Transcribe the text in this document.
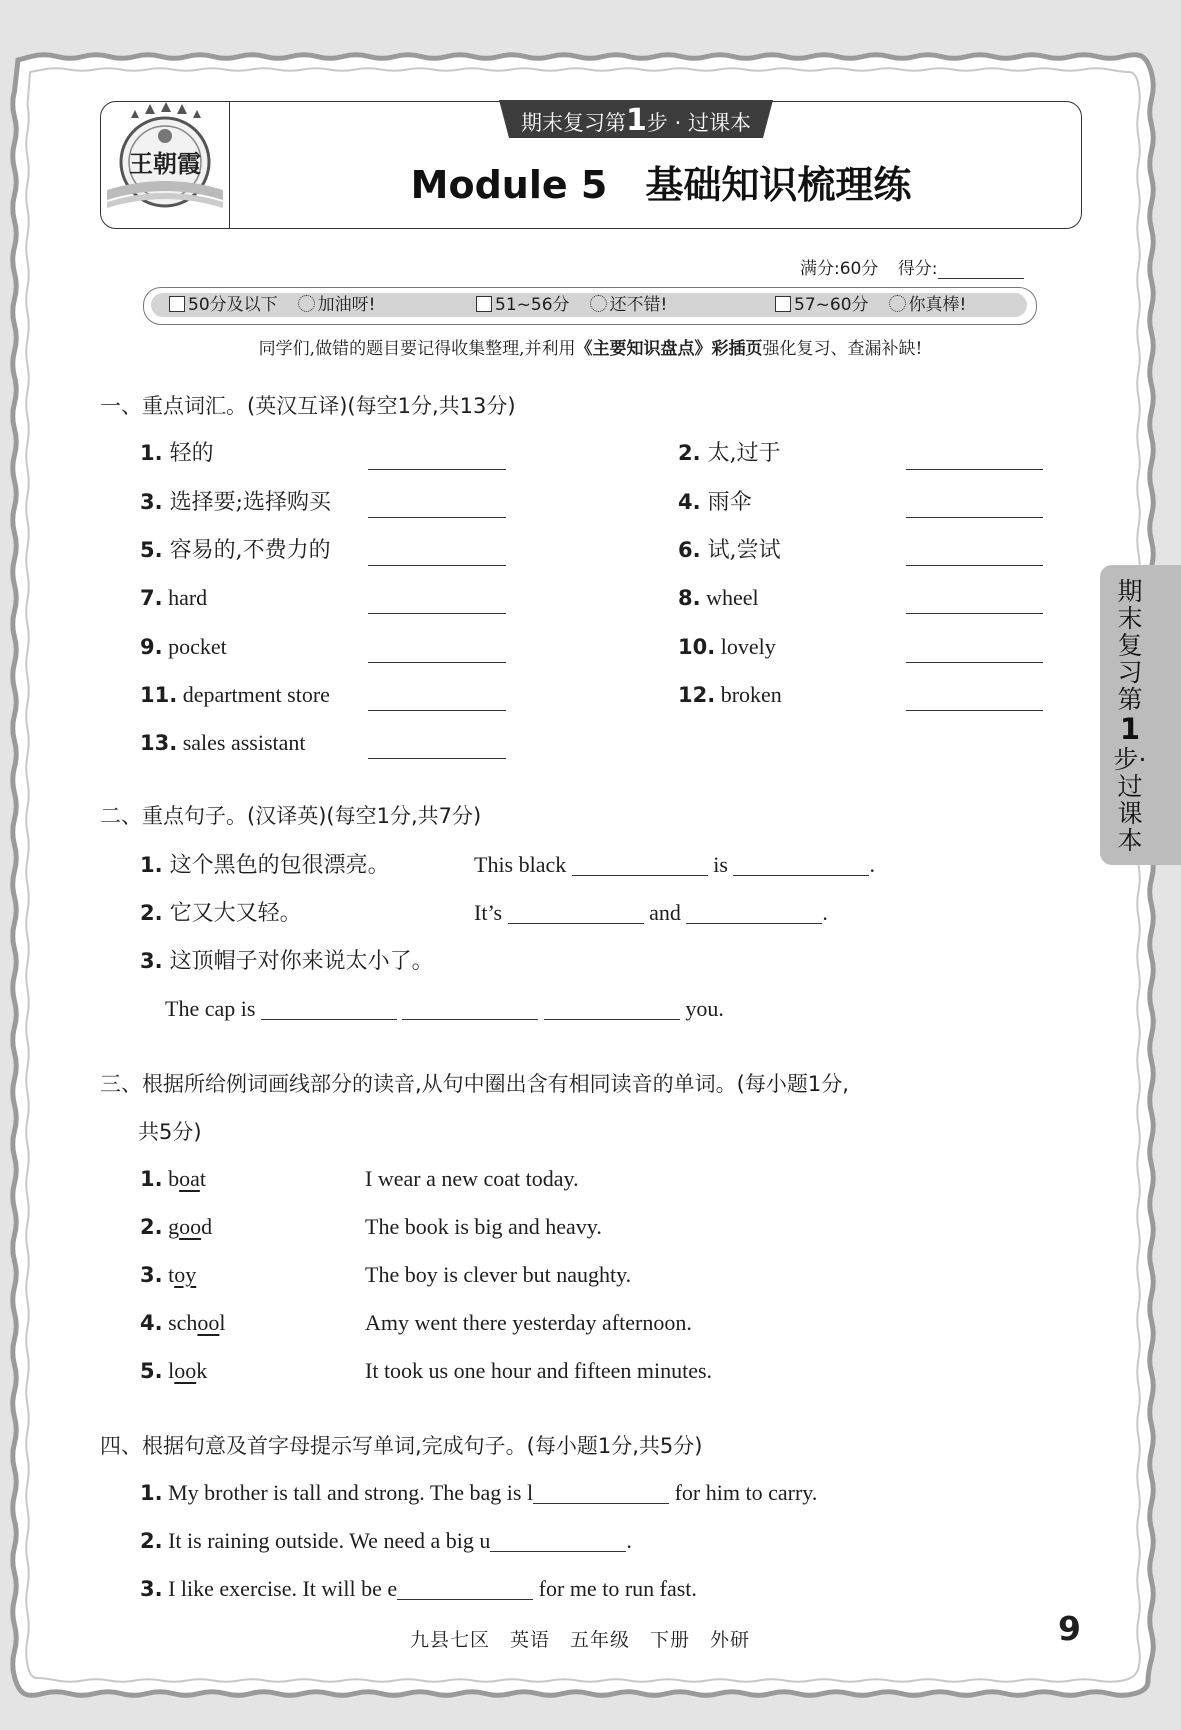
王朝霞
期末复习第1步 · 过课本
Module 5　基础知识梳理练
满分:60分 得分:
50分及以下 加油呀!	51~56分 还不错!	57~60分 你真棒!
同学们,做错的题目要记得收集整理,并利用《主要知识盘点》彩插页强化复习、查漏补缺!
一、重点词汇。(英汉互译)(每空1分,共13分)
1. 轻的	2. 太,过于
3. 选择要;选择购买	4. 雨伞
5. 容易的,不费力的	6. 试,尝试
7. hard	8. wheel
9. pocket	10. lovely
11. department store	12. broken
13. sales assistant
二、重点句子。(汉译英)(每空1分,共7分)
1. 这个黑色的包很漂亮。	This black	is	.
2. 它又大又轻。	It’s	and	.
3. 这顶帽子对你来说太小了。
The cap is	you.
三、根据所给例词画线部分的读音,从句中圈出含有相同读音的单词。(每小题1分,
共5分)
1. boat	I wear a new coat today.
2. good	The book is big and heavy.
3. toy	The boy is clever but naughty.
4. school	Amy went there yesterday afternoon.
5. look	It took us one hour and fifteen minutes.
四、根据句意及首字母提示写单词,完成句子。(每小题1分,共5分)
1. My brother is tall and strong. The bag is l	for him to carry.
2. It is raining outside. We need a big u	.
3. I like exercise. It will be e	for me to run fast.
期
末
复
习
第
1
步·
过
课
本
九县七区　英语　五年级　下册　外研	9
